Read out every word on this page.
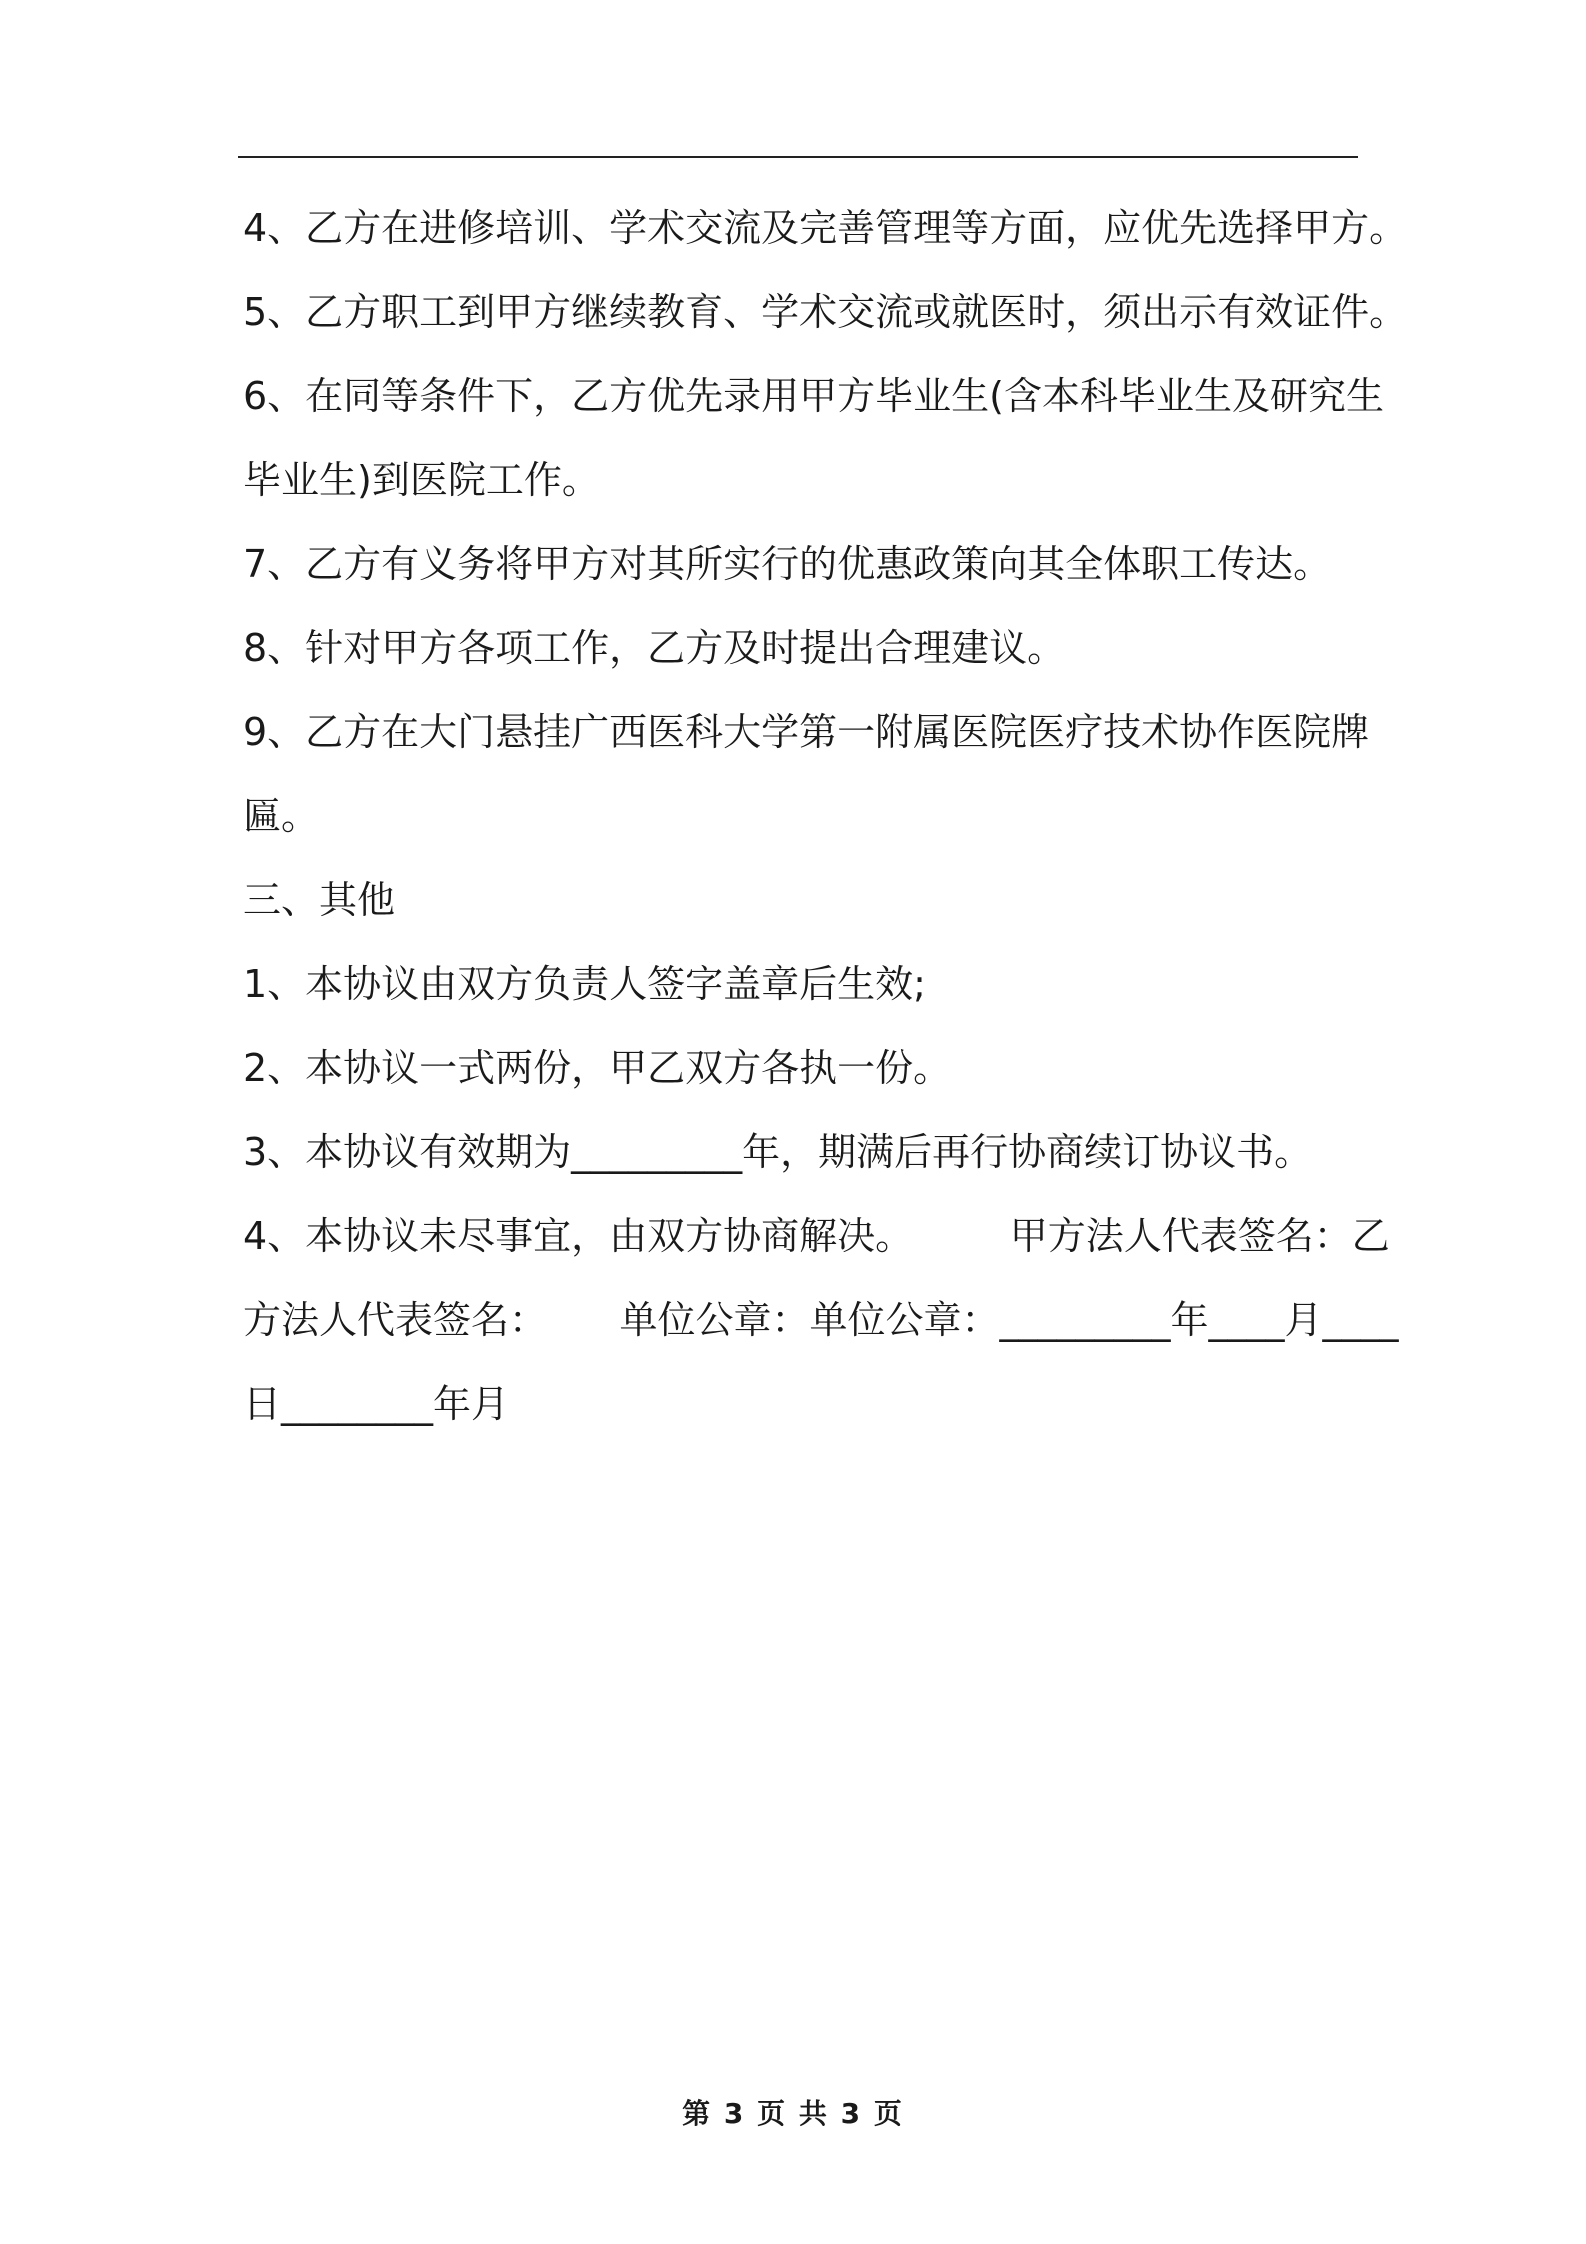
4、乙方在进修培训、学术交流及完善管理等方面，应优先选择甲方。
5、乙方职工到甲方继续教育、学术交流或就医时，须出示有效证件。
6、在同等条件下，乙方优先录用甲方毕业生(含本科毕业生及研究生
毕业生)到医院工作。
7、乙方有义务将甲方对其所实行的优惠政策向其全体职工传达。
8、针对甲方各项工作，乙方及时提出合理建议。
9、乙方在大门悬挂广西医科大学第一附属医院医疗技术协作医院牌
匾。
三、其他
1、本协议由双方负责人签字盖章后生效;
2、本协议一式两份，甲乙双方各执一份。
3、本协议有效期为_________年，期满后再行协商续订协议书。
4、本协议未尽事宜，由双方协商解决。        甲方法人代表签名：乙
方法人代表签名：      单位公章：单位公章：_________年____月____
日________年月
第 3 页 共 3 页
